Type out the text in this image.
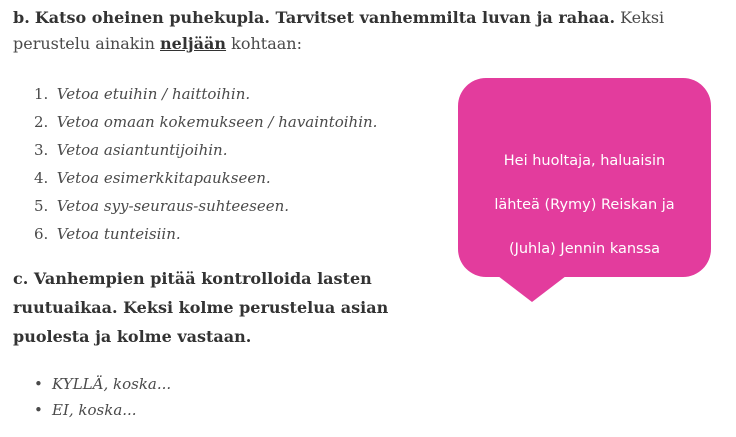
b. Katso oheinen puhekupla. Tarvitset vanhemmilta luvan ja rahaa. Keksi perustelu ainakin neljään kohtaan:
1. Vetoa etuihin / haittoihin.
2. Vetoa omaan kokemukseen / havaintoihin.
3. Vetoa asiantuntijoihin.
4. Vetoa esimerkkitapaukseen.
5. Vetoa syy-seuraus-suhteeseen.
6. Vetoa tunteisiin.
c. Vanhempien pitää kontrolloida lasten
ruutuaikaa. Keksi kolme perustelua asian
puolesta ja kolme vastaan.
• KYLLÄ, koska...
• EI, koska...

Hei huoltaja, haluaisin

lähteä (Rymy) Reiskan ja

(Juhla) Jennin kanssa

mökille sienestämään

viikonlopuksi. Sopiiko?
